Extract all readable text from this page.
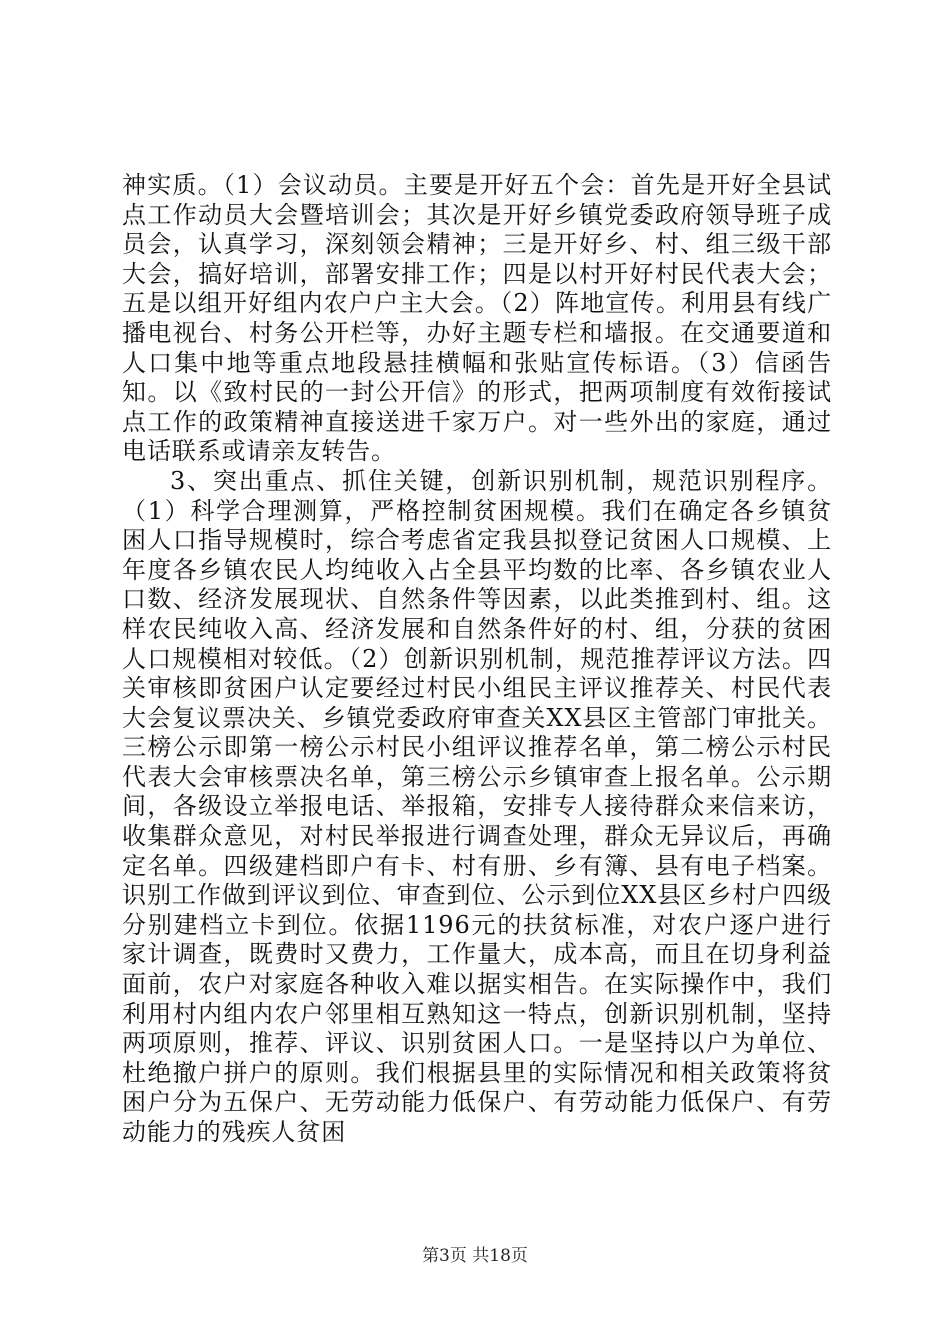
神实质。（1）会议动员。主要是开好五个会：首先是开好全县试点工作动员大会暨培训会；其次是开好乡镇党委政府领导班子成员会，认真学习，深刻领会精神；三是开好乡、村、组三级干部大会，搞好培训，部署安排工作；四是以村开好村民代表大会；五是以组开好组内农户户主大会。（2）阵地宣传。利用县有线广播电视台、村务公开栏等，办好主题专栏和墙报。在交通要道和人口集中地等重点地段悬挂横幅和张贴宣传标语。（3）信函告知。以《致村民的一封公开信》的形式，把两项制度有效衔接试点工作的政策精神直接送进千家万户。对一些外出的家庭，通过电话联系或请亲友转告。

3、突出重点、抓住关键，创新识别机制，规范识别程序。（1）科学合理测算，严格控制贫困规模。我们在确定各乡镇贫困人口指导规模时，综合考虑省定我县拟登记贫困人口规模、上年度各乡镇农民人均纯收入占全县平均数的比率、各乡镇农业人口数、经济发展现状、自然条件等因素，以此类推到村、组。这样农民纯收入高、经济发展和自然条件好的村、组，分获的贫困人口规模相对较低。（2）创新识别机制，规范推荐评议方法。四关审核即贫困户认定要经过村民小组民主评议推荐关、村民代表大会复议票决关、乡镇党委政府审查关XX县区主管部门审批关。三榜公示即第一榜公示村民小组评议推荐名单，第二榜公示村民代表大会审核票决名单，第三榜公示乡镇审查上报名单。公示期间，各级设立举报电话、举报箱，安排专人接待群众来信来访，收集群众意见，对村民举报进行调查处理，群众无异议后，再确定名单。四级建档即户有卡、村有册、乡有簿、县有电子档案。识别工作做到评议到位、审查到位、公示到位XX县区乡村户四级分别建档立卡到位。依据1196元的扶贫标准，对农户逐户进行家计调查，既费时又费力，工作量大，成本高，而且在切身利益面前，农户对家庭各种收入难以据实相告。在实际操作中，我们利用村内组内农户邻里相互熟知这一特点，创新识别机制，坚持两项原则，推荐、评议、识别贫困人口。一是坚持以户为单位、杜绝撤户拼户的原则。我们根据县里的实际情况和相关政策将贫困户分为五保户、无劳动能力低保户、有劳动能力低保户、有劳动能力的残疾人贫困

第3页 共18页
